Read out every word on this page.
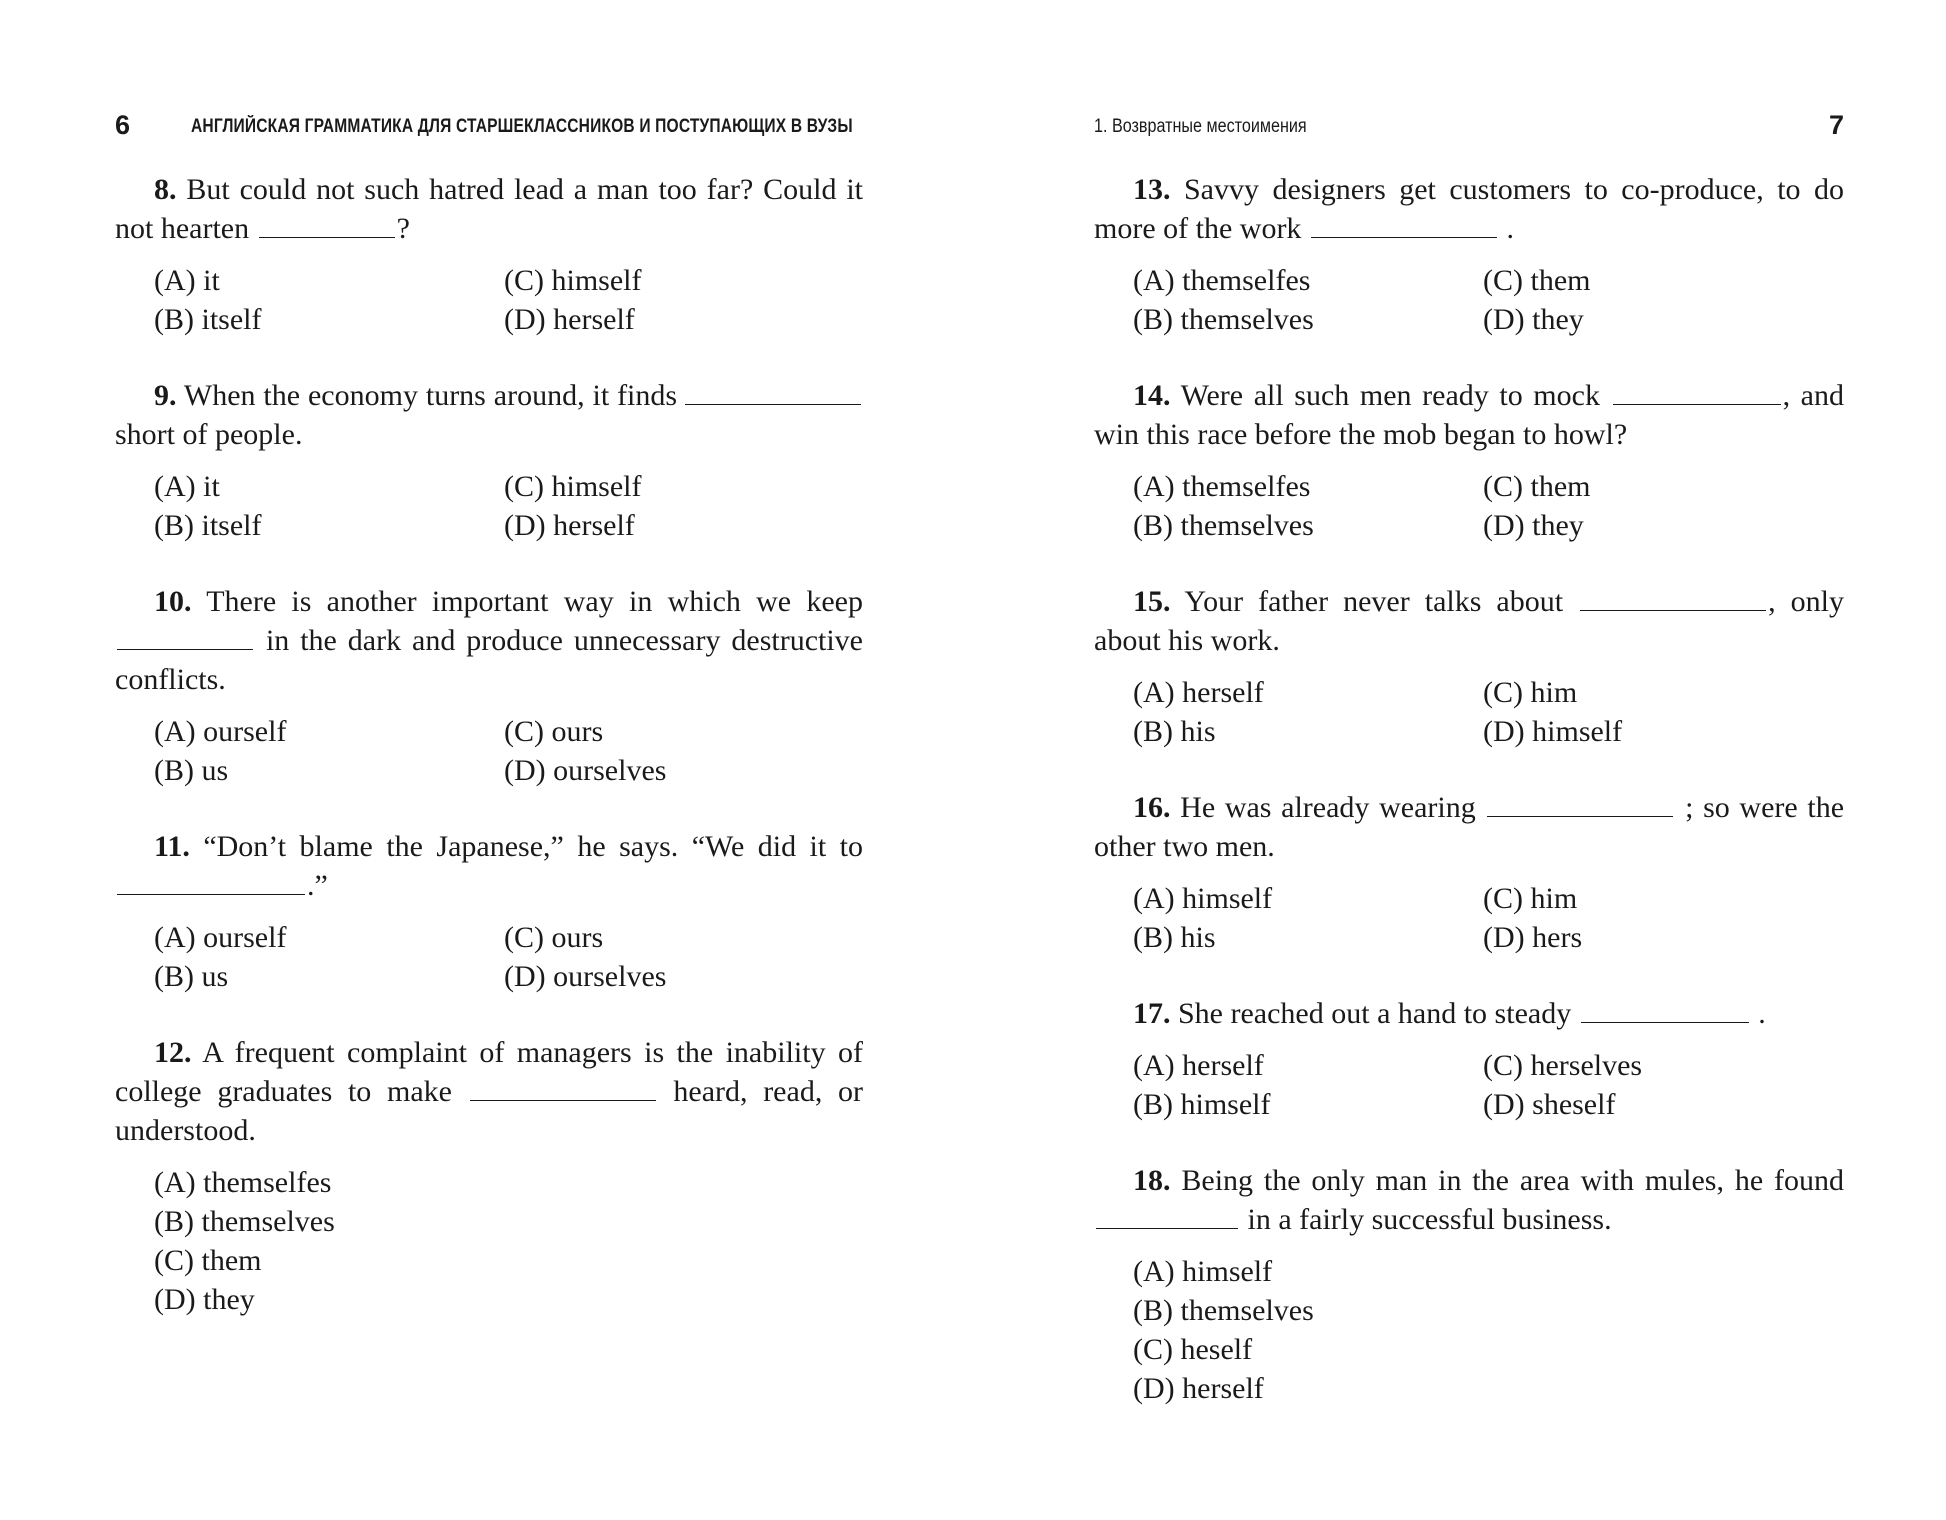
6	АНГЛИЙСКАЯ ГРАММАТИКА ДЛЯ СТАРШЕКЛАССНИКОВ И ПОСТУПАЮЩИХ В ВУЗЫ

8. But could not such hatred lead a man too far? Could it not hearten	?

(A) it
(B) itself
(C) himself
(D) herself

9. When the economy turns around, it finds  short of people.

(A) it
(B) itself
(C) himself
(D) herself

10. There is another important way in which we keep  in the dark and produce unnecessary destructive conflicts.

(A) ourself
(B) us
(C) ours
(D) ourselves

11. “Don’t blame the Japanese,” he says. “We did it to .”

(A) ourself
(B) us
(C) ours
(D) ourselves

12. A frequent complaint of managers is the inability of college graduates to make	heard, read, or understood.

(A) themselfes
(B) themselves
(C) them
(D) they
1. Возвратные местоимения	7

13. Savvy designers get customers to co-produce, to do more of the work	.

(A) themselfes
(B) themselves
(C) them
(D) they

14. Were all such men ready to mock	, and win this race before the mob began to howl?

(A) themselfes
(B) themselves
(C) them
(D) they

15. Your father never talks about	, only about his work.

(A) herself
(B) his
(C) him
(D) himself

16. He was already wearing	; so were the other two men.

(A) himself
(B) his
(C) him
(D) hers

17. She reached out a hand to steady	.

(A) herself
(B) himself
(C) herselves
(D) sheself

18. Being the only man in the area with mules, he found  in a fairly successful business.

(A) himself
(B) themselves
(C) heself
(D) herself
